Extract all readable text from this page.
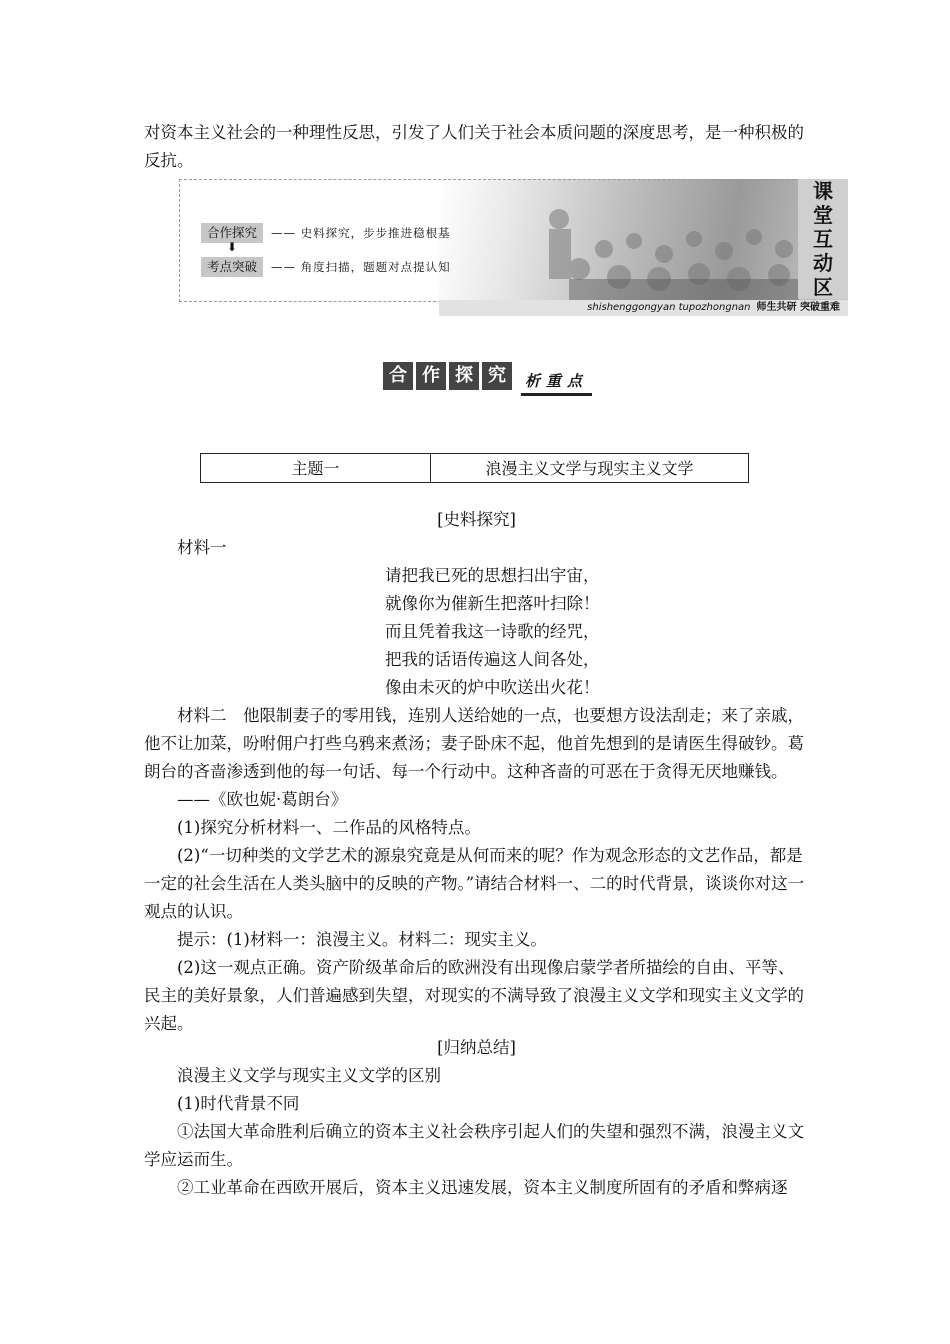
对资本主义社会的一种理性反思，引发了人们关于社会本质问题的深度思考，是一种积极的反抗。

合作探究	—— 史料探究，步步推进稳根基
⬇
考点突破	—— 角度扫描，题题对点提认知
课
堂
互
动
区
shishenggongyan tupozhongnan 师生共研 突破重难
合 作 探 究	析重点
主题一	浪漫主义文学与现实主义文学

[史料探究]

材料一

请把我已死的思想扫出宇宙，

就像你为催新生把落叶扫除！

而且凭着我这一诗歌的经咒，

把我的话语传遍这人间各处，

像由未灭的炉中吹送出火花！

材料二　他限制妻子的零用钱，连别人送给她的一点，也要想方设法刮走；来了亲戚，他不让加菜，吩咐佣户打些乌鸦来煮汤；妻子卧床不起，他首先想到的是请医生得破钞。葛朗台的吝啬渗透到他的每一句话、每一个行动中。这种吝啬的可恶在于贪得无厌地赚钱。

——《欧也妮·葛朗台》

(1)探究分析材料一、二作品的风格特点。

(2)“一切种类的文学艺术的源泉究竟是从何而来的呢？作为观念形态的文艺作品，都是一定的社会生活在人类头脑中的反映的产物。”请结合材料一、二的时代背景，谈谈你对这一观点的认识。

提示：(1)材料一：浪漫主义。材料二：现实主义。

(2)这一观点正确。资产阶级革命后的欧洲没有出现像启蒙学者所描绘的自由、平等、民主的美好景象，人们普遍感到失望，对现实的不满导致了浪漫主义文学和现实主义文学的兴起。

[归纳总结]

浪漫主义文学与现实主义文学的区别

(1)时代背景不同

①法国大革命胜利后确立的资本主义社会秩序引起人们的失望和强烈不满，浪漫主义文学应运而生。

②工业革命在西欧开展后，资本主义迅速发展，资本主义制度所固有的矛盾和弊病逐
